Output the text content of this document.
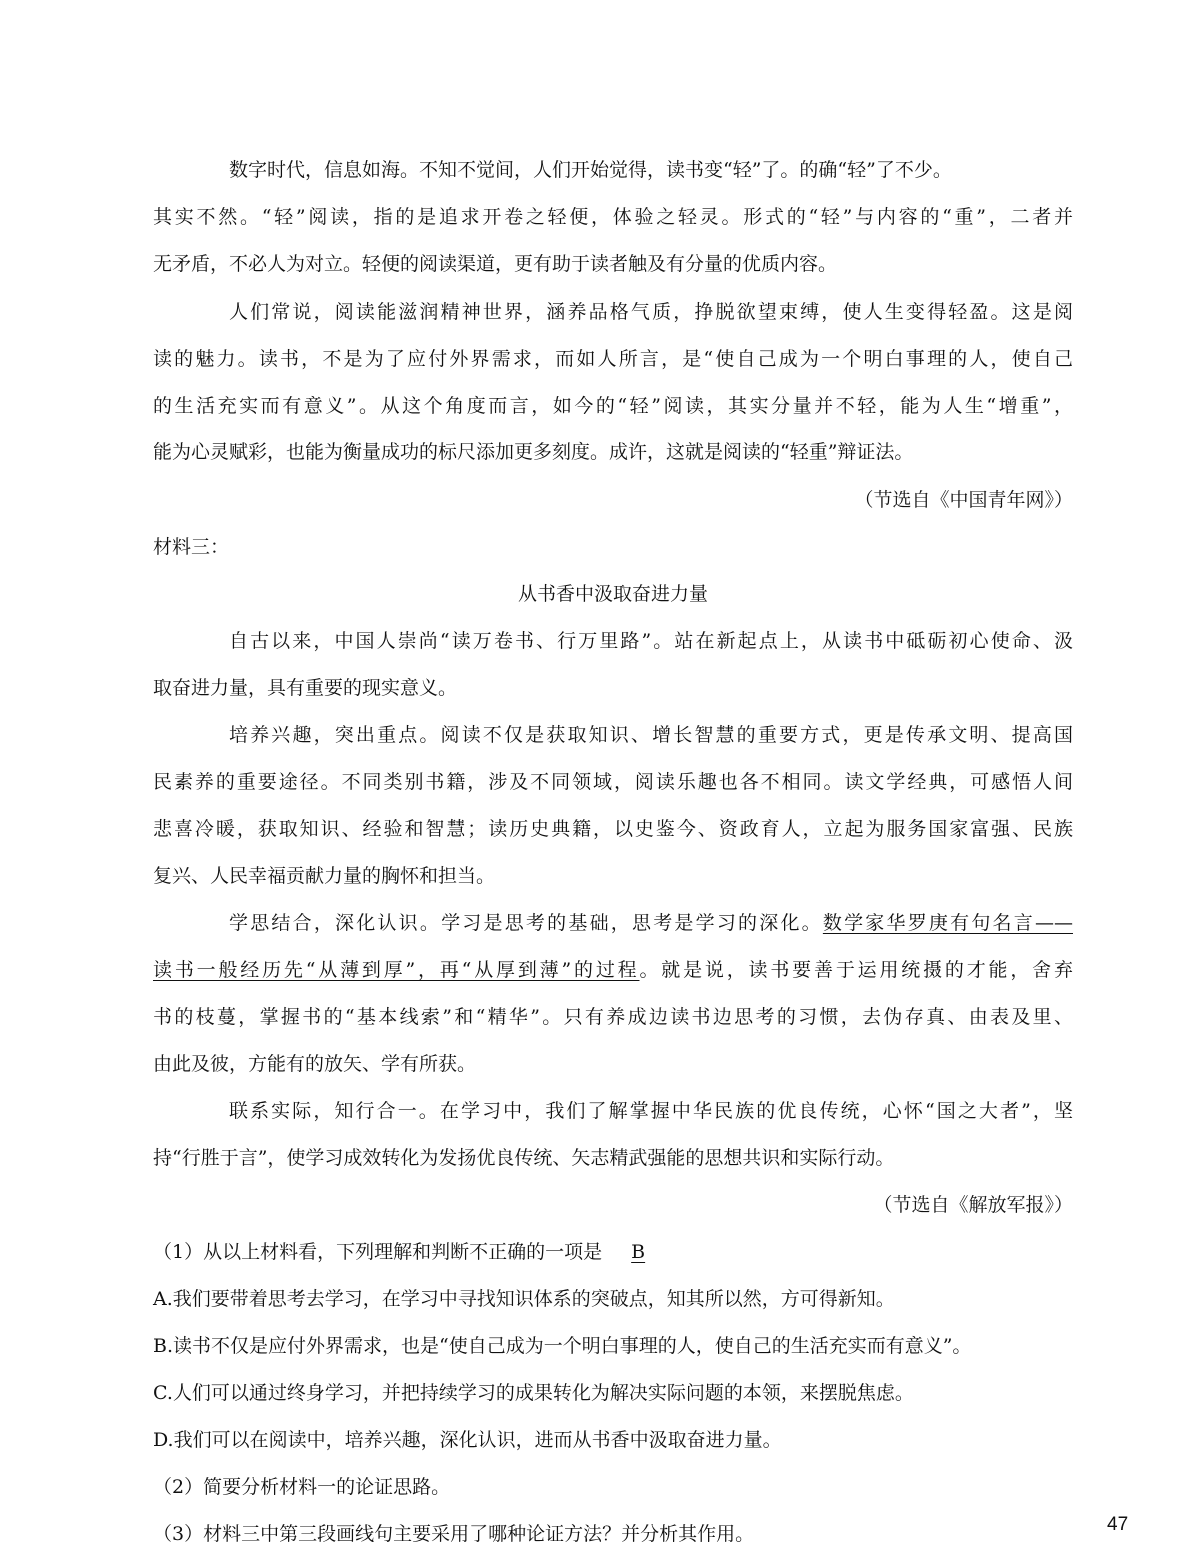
数字时代，信息如海。不知不觉间，人们开始觉得，读书变“轻”了。的确“轻”了不少。
其实不然。“轻”阅读，指的是追求开卷之轻便，体验之轻灵。形式的“轻”与内容的“重”，二者并
无矛盾，不必人为对立。轻便的阅读渠道，更有助于读者触及有分量的优质内容。
人们常说，阅读能滋润精神世界，涵养品格气质，挣脱欲望束缚，使人生变得轻盈。这是阅
读的魅力。读书，不是为了应付外界需求，而如人所言，是“使自己成为一个明白事理的人，使自己
的生活充实而有意义”。从这个角度而言，如今的“轻”阅读，其实分量并不轻，能为人生“增重”，
能为心灵赋彩，也能为衡量成功的标尺添加更多刻度。成许，这就是阅读的“轻重”辩证法。
（节选自《中国青年网》）
材料三：
从书香中汲取奋进力量
自古以来，中国人崇尚“读万卷书、行万里路”。站在新起点上，从读书中砥砺初心使命、汲
取奋进力量，具有重要的现实意义。
培养兴趣，突出重点。阅读不仅是获取知识、增长智慧的重要方式，更是传承文明、提高国
民素养的重要途径。不同类别书籍，涉及不同领域，阅读乐趣也各不相同。读文学经典，可感悟人间
悲喜冷暖，获取知识、经验和智慧；读历史典籍，以史鉴今、资政育人，立起为服务国家富强、民族
复兴、人民幸福贡献力量的胸怀和担当。
学思结合，深化认识。学习是思考的基础，思考是学习的深化。数学家华罗庚有句名言——
读书一般经历先“从薄到厚”，再“从厚到薄”的过程。就是说，读书要善于运用统摄的才能，舍弃
书的枝蔓，掌握书的“基本线索”和“精华”。只有养成边读书边思考的习惯，去伪存真、由表及里、
由此及彼，方能有的放矢、学有所获。
联系实际，知行合一。在学习中，我们了解掌握中华民族的优良传统，心怀“国之大者”，坚
持“行胜于言”，使学习成效转化为发扬优良传统、矢志精武强能的思想共识和实际行动。
（节选自《解放军报》）
（1）从以上材料看，下列理解和判断不正确的一项是 B
A.我们要带着思考去学习，在学习中寻找知识体系的突破点，知其所以然，方可得新知。
B.读书不仅是应付外界需求，也是“使自己成为一个明白事理的人，使自己的生活充实而有意义”。
C.人们可以通过终身学习，并把持续学习的成果转化为解决实际问题的本领，来摆脱焦虑。
D.我们可以在阅读中，培养兴趣，深化认识，进而从书香中汲取奋进力量。
（2）简要分析材料一的论证思路。
（3）材料三中第三段画线句主要采用了哪种论证方法？并分析其作用。	47
